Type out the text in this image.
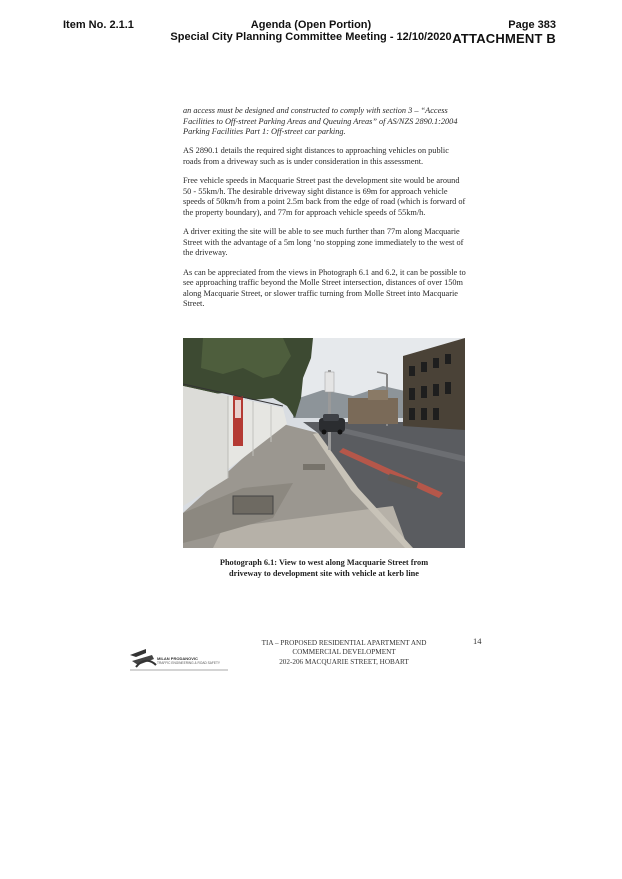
Item No. 2.1.1	Agenda (Open Portion)
Special City Planning Committee Meeting - 12/10/2020
Page 383
ATTACHMENT B

an access must be designed and constructed to comply with section 3 – “Access Facilities to Off-street Parking Areas and Queuing Areas” of AS/NZS 2890.1:2004 Parking Facilities Part 1: Off-street car parking.

AS 2890.1 details the required sight distances to approaching vehicles on public roads from a driveway such as is under consideration in this assessment.

Free vehicle speeds in Macquarie Street past the development site would be around 50 - 55km/h. The desirable driveway sight distance is 69m for approach vehicle speeds of 50km/h from a point 2.5m back from the edge of road (which is forward of the property boundary), and 77m for approach vehicle speeds of 55km/h.

A driver exiting the site will be able to see much further than 77m along Macquarie Street with the advantage of a 5m long ‘no stopping zone immediately to the west of the driveway.

As can be appreciated from the views in Photograph 6.1 and 6.2, it can be possible to see approaching traffic beyond the Molle Street intersection, distances of over 150m along Macquarie Street, or slower traffic turning from Molle Street into Macquarie Street.

Photograph 6.1: View to west along Macquarie Street from
driveway to development site with vehicle at kerb line
MILAN PRODANOVIC
TRAFFIC ENGINEERING & ROAD SAFETY
TIA – PROPOSED RESIDENTIAL APARTMENT AND
COMMERCIAL DEVELOPMENT
202-206 MACQUARIE STREET, HOBART
14
